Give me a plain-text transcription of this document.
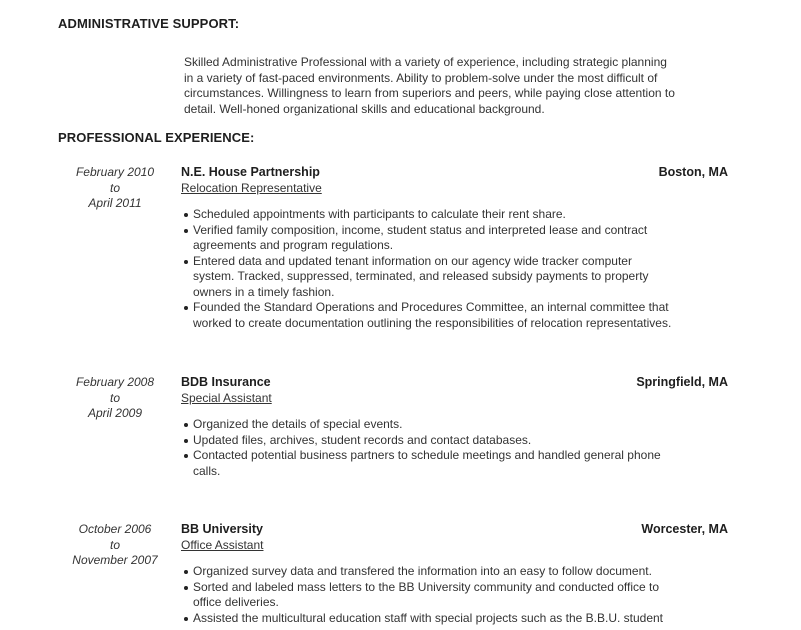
ADMINISTRATIVE SUPPORT:

Skilled Administrative Professional with a variety of experience, including strategic planning
in a variety of fast-paced environments. Ability to problem-solve under the most difficult of
circumstances. Willingness to learn from superiors and peers, while paying close attention to
detail. Well-honed organizational skills and educational background.

PROFESSIONAL EXPERIENCE:
February 2010
to
April 2011
N.E. House Partnership	Boston, MA
Relocation Representative
Scheduled appointments with participants to calculate their rent share.
Verified family composition, income, student status and interpreted lease and contract
agreements and program regulations.
Entered data and updated tenant information on our agency wide tracker computer
system. Tracked, suppressed, terminated, and released subsidy payments to property
owners in a timely fashion.
Founded the Standard Operations and Procedures Committee, an internal committee that
worked to create documentation outlining the responsibilities of relocation representatives.
February 2008
to
April 2009
BDB Insurance	Springfield, MA
Special Assistant
Organized the details of special events.
Updated files, archives, student records and contact databases.
Contacted potential business partners to schedule meetings and handled general phone
calls.
October 2006
to
November 2007
BB University	Worcester, MA
Office Assistant
Organized survey data and transfered the information into an easy to follow document.
Sorted and labeled mass letters to the BB University community and conducted office to
office deliveries.
Assisted the multicultural education staff with special projects such as the B.B.U. student
